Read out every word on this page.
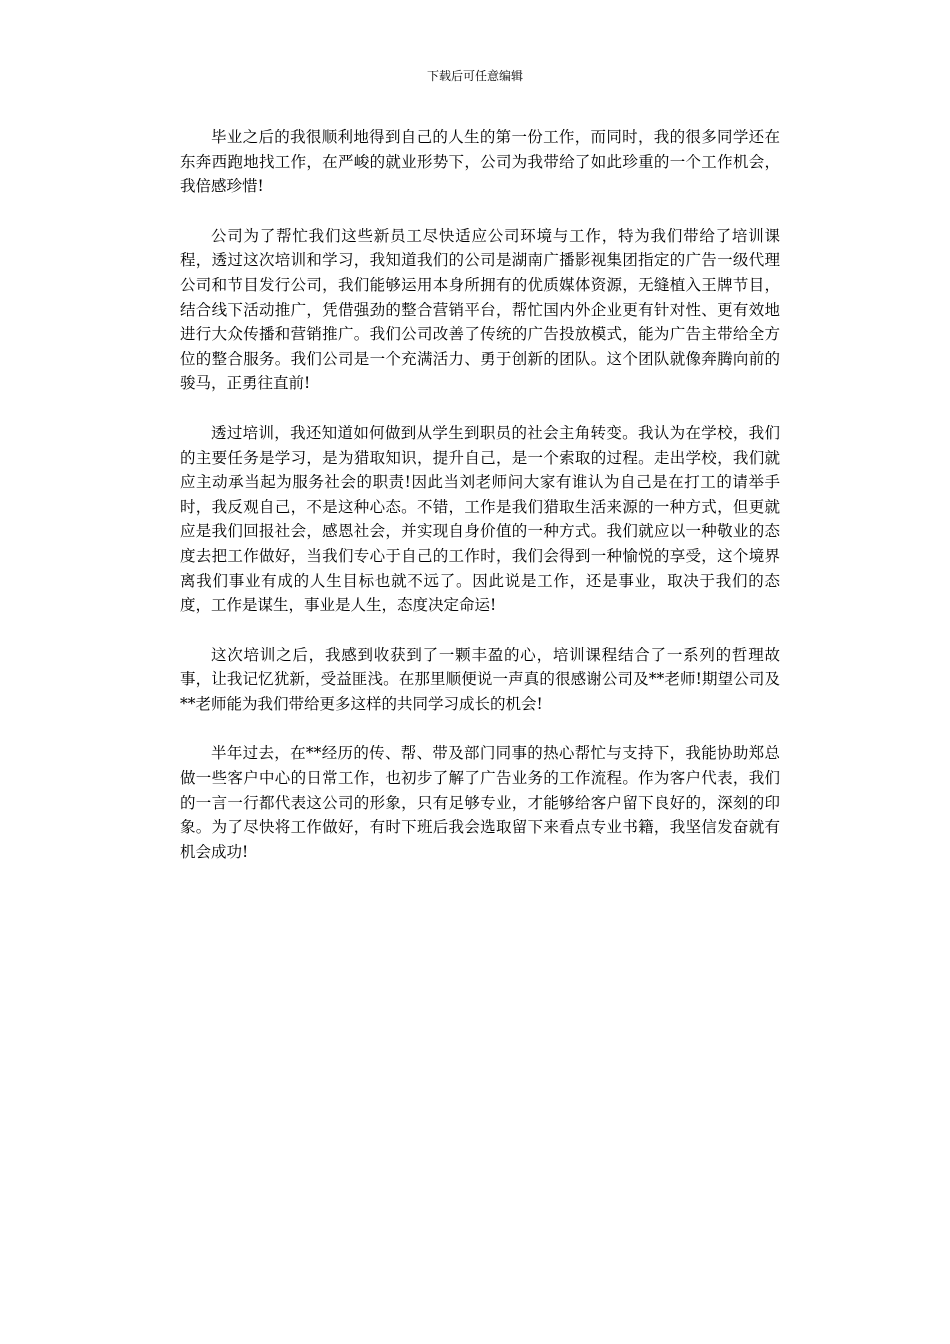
下载后可任意编辑

毕业之后的我很顺利地得到自己的人生的第一份工作，而同时，我的很多同学还在东奔西跑地找工作，在严峻的就业形势下，公司为我带给了如此珍重的一个工作机会，我倍感珍惜!

公司为了帮忙我们这些新员工尽快适应公司环境与工作，特为我们带给了培训课程，透过这次培训和学习，我知道我们的公司是湖南广播影视集团指定的广告一级代理公司和节目发行公司，我们能够运用本身所拥有的优质媒体资源，无缝植入王牌节目，结合线下活动推广，凭借强劲的整合营销平台，帮忙国内外企业更有针对性、更有效地进行大众传播和营销推广。我们公司改善了传统的广告投放模式，能为广告主带给全方位的整合服务。我们公司是一个充满活力、勇于创新的团队。这个团队就像奔腾向前的骏马，正勇往直前!

透过培训，我还知道如何做到从学生到职员的社会主角转变。我认为在学校，我们的主要任务是学习，是为猎取知识，提升自己，是一个索取的过程。走出学校，我们就应主动承当起为服务社会的职责!因此当刘老师问大家有谁认为自己是在打工的请举手时，我反观自己，不是这种心态。不错，工作是我们猎取生活来源的一种方式，但更就应是我们回报社会，感恩社会，并实现自身价值的一种方式。我们就应以一种敬业的态度去把工作做好，当我们专心于自己的工作时，我们会得到一种愉悦的享受，这个境界离我们事业有成的人生目标也就不远了。因此说是工作，还是事业，取决于我们的态度，工作是谋生，事业是人生，态度决定命运!

这次培训之后，我感到收获到了一颗丰盈的心，培训课程结合了一系列的哲理故事，让我记忆犹新，受益匪浅。在那里顺便说一声真的很感谢公司及**老师!期望公司及**老师能为我们带给更多这样的共同学习成长的机会!

半年过去，在**经历的传、帮、带及部门同事的热心帮忙与支持下，我能协助郑总做一些客户中心的日常工作，也初步了解了广告业务的工作流程。作为客户代表，我们的一言一行都代表这公司的形象，只有足够专业，才能够给客户留下良好的，深刻的印象。为了尽快将工作做好，有时下班后我会选取留下来看点专业书籍，我坚信发奋就有机会成功!
